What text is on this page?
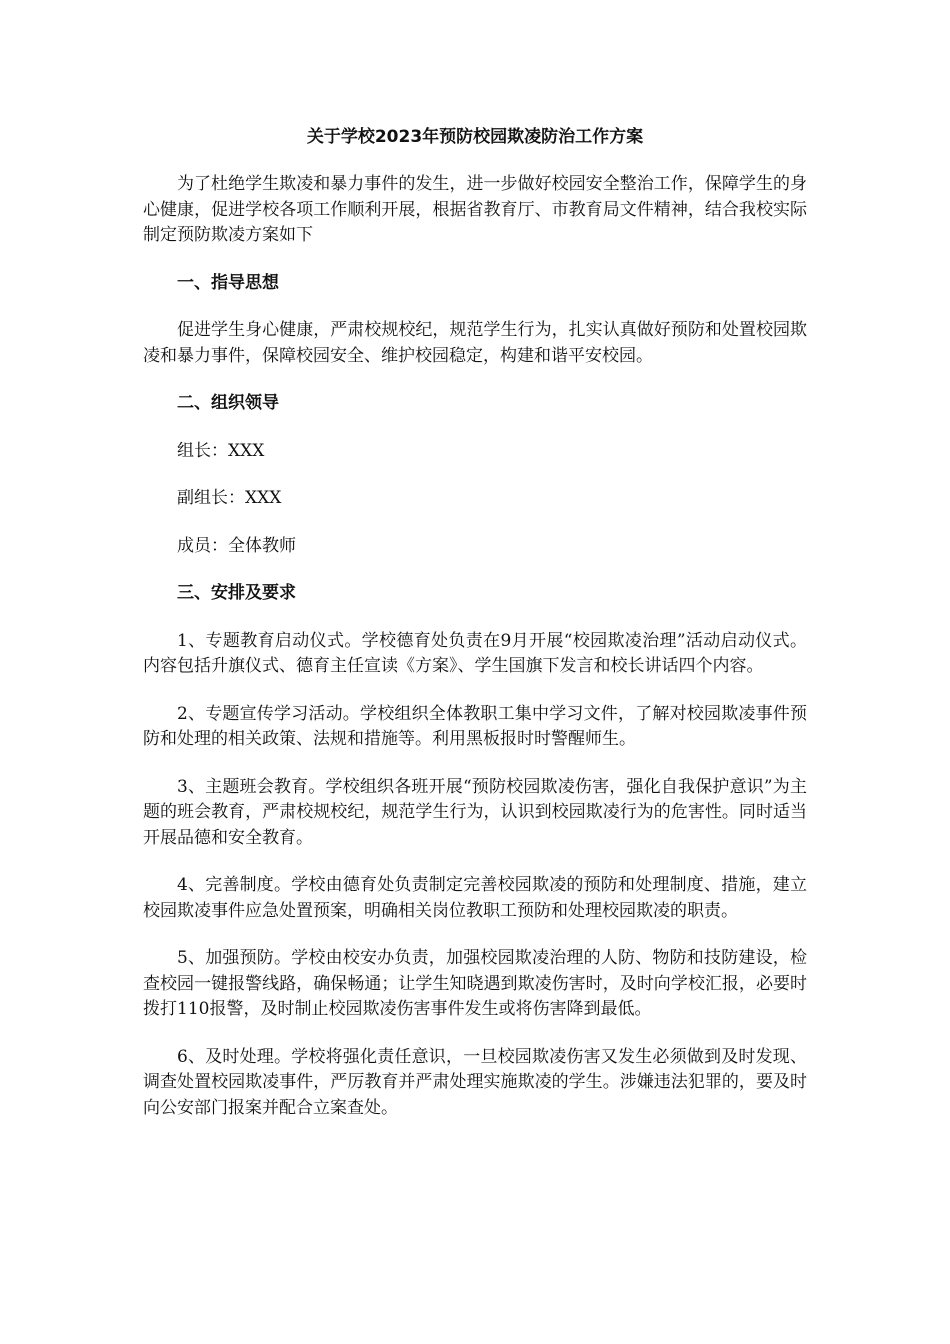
关于学校2023年预防校园欺凌防治工作方案

为了杜绝学生欺凌和暴力事件的发生，进一步做好校园安全整治工作，保障学生的身心健康，促进学校各项工作顺利开展，根据省教育厅、市教育局文件精神，结合我校实际制定预防欺凌方案如下

一、指导思想

促进学生身心健康，严肃校规校纪，规范学生行为，扎实认真做好预防和处置校园欺凌和暴力事件，保障校园安全、维护校园稳定，构建和谐平安校园。

二、组织领导

组长：XXX

副组长：XXX

成员：全体教师

三、安排及要求

1、专题教育启动仪式。学校德育处负责在9月开展“校园欺凌治理”活动启动仪式。内容包括升旗仪式、德育主任宣读《方案》、学生国旗下发言和校长讲话四个内容。

2、专题宣传学习活动。学校组织全体教职工集中学习文件，了解对校园欺凌事件预防和处理的相关政策、法规和措施等。利用黑板报时时警醒师生。

3、主题班会教育。学校组织各班开展“预防校园欺凌伤害，强化自我保护意识”为主题的班会教育，严肃校规校纪，规范学生行为，认识到校园欺凌行为的危害性。同时适当开展品德和安全教育。

4、完善制度。学校由德育处负责制定完善校园欺凌的预防和处理制度、措施，建立校园欺凌事件应急处置预案，明确相关岗位教职工预防和处理校园欺凌的职责。

5、加强预防。学校由校安办负责，加强校园欺凌治理的人防、物防和技防建设，检查校园一键报警线路，确保畅通；让学生知晓遇到欺凌伤害时，及时向学校汇报，必要时拨打110报警，及时制止校园欺凌伤害事件发生或将伤害降到最低。

6、及时处理。学校将强化责任意识，一旦校园欺凌伤害又发生必须做到及时发现、调查处置校园欺凌事件，严厉教育并严肃处理实施欺凌的学生。涉嫌违法犯罪的，要及时向公安部门报案并配合立案查处。
